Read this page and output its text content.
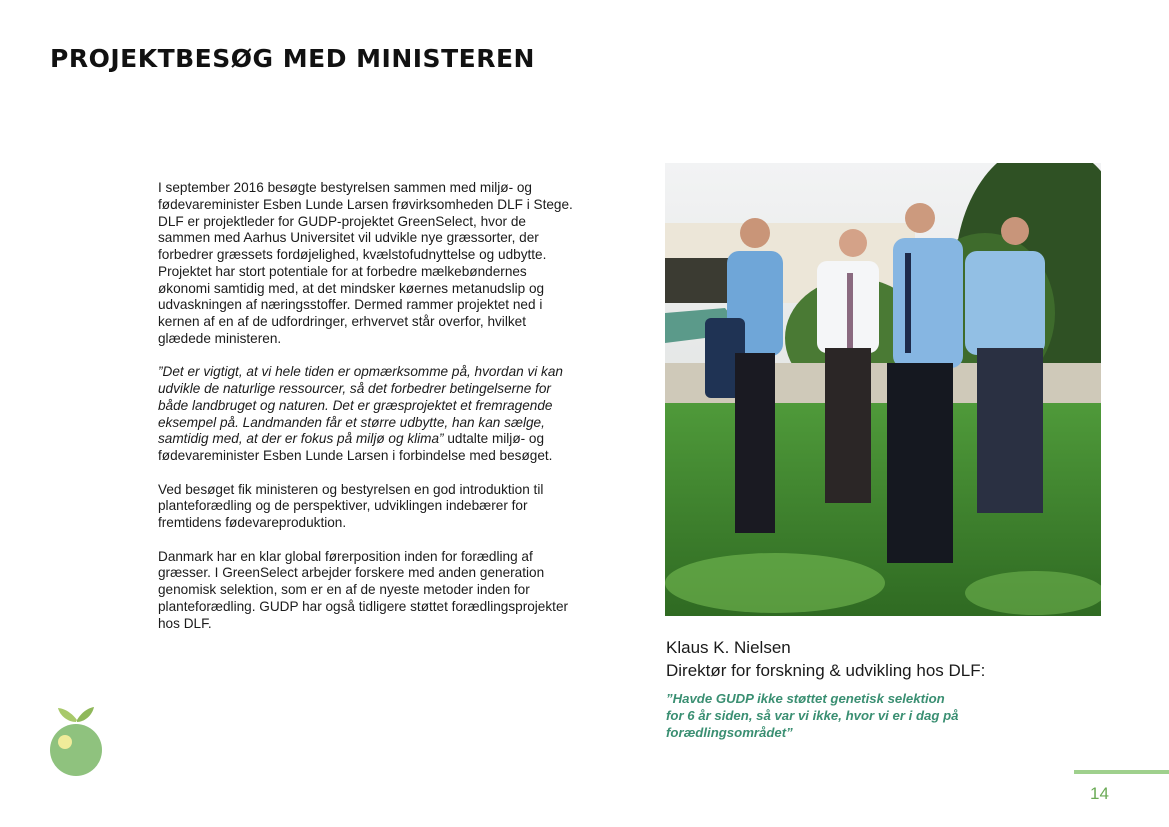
PROJEKTBESØG MED MINISTEREN

I september 2016 besøgte bestyrelsen sammen med miljø- og fødevareminister Esben Lunde Larsen frøvirksomheden DLF i Stege. DLF er projektleder for GUDP-projektet GreenSelect, hvor de sammen med Aarhus Universitet vil udvikle nye græssorter, der forbedrer græssets fordøjelighed, kvælstofudnyttelse og udbytte. Projektet har stort potentiale for at forbedre mælkebøndernes økonomi samtidig med, at det mindsker køernes metanudslip og udvaskningen af næringsstoffer. Dermed rammer projektet ned i kernen af en af de udfordringer, erhvervet står overfor, hvilket glædede ministeren.

”Det er vigtigt, at vi hele tiden er opmærksomme på, hvordan vi kan udvikle de naturlige ressourcer, så det forbedrer betingelserne for både landbruget og naturen. Det er græsprojektet et fremragende eksempel på. Landmanden får et større udbytte, han kan sælge, samtidig med, at der er fokus på miljø og klima” udtalte miljø- og fødevareminister Esben Lunde Larsen i forbindelse med besøget.

Ved besøget fik ministeren og bestyrelsen en god introduktion til planteforædling og de perspektiver, udviklingen indebærer for fremtidens fødevareproduktion.

Danmark har en klar global førerposition inden for forædling af græsser. I GreenSelect arbejder forskere med anden generation genomisk selektion, som er en af de nyeste metoder inden for planteforædling. GUDP har også tidligere støttet forædlingsprojekter hos DLF.

Klaus K. Nielsen
Direktør for forskning & udvikling hos DLF:
”Havde GUDP ikke støttet genetisk selektion
for 6 år siden, så var vi ikke, hvor vi er i dag på
forædlingsområdet”
14
